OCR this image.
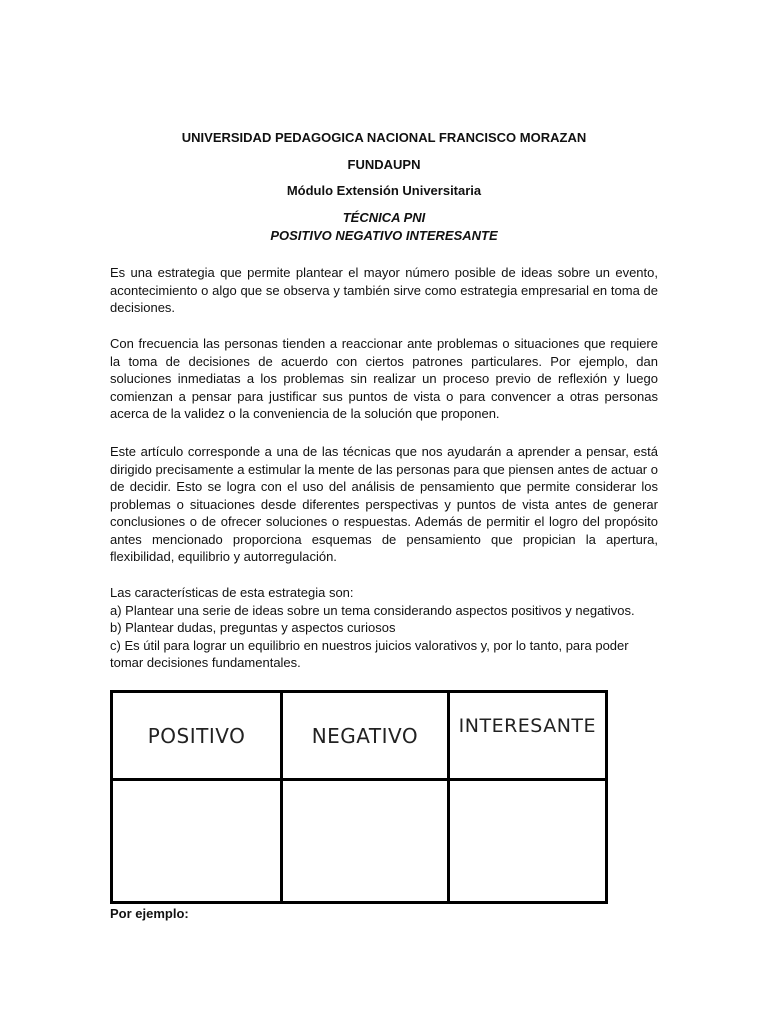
UNIVERSIDAD PEDAGOGICA NACIONAL FRANCISCO MORAZAN
FUNDAUPN
Módulo Extensión Universitaria
TÉCNICA PNI
POSITIVO NEGATIVO INTERESANTE

Es una estrategia que permite plantear el mayor número posible de ideas sobre un evento, acontecimiento o algo que se observa y también sirve como estrategia empresarial en toma de decisiones.

Con frecuencia las personas tienden a reaccionar ante problemas o situaciones que requiere la toma de decisiones de acuerdo con ciertos patrones particulares. Por ejemplo, dan soluciones inmediatas a los problemas sin realizar un proceso previo de reflexión y luego comienzan a pensar para justificar sus puntos de vista o para convencer a otras personas acerca de la validez o la conveniencia de la solución que proponen.

Este artículo corresponde a una de las técnicas que nos ayudarán a aprender a pensar, está dirigido precisamente a estimular la mente de las personas para que piensen antes de actuar o de decidir. Esto se logra con el uso del análisis de pensamiento que permite considerar los problemas o situaciones desde diferentes perspectivas y puntos de vista antes de generar conclusiones o de ofrecer soluciones o respuestas. Además de permitir el logro del propósito antes mencionado proporciona esquemas de pensamiento que propician la apertura, flexibilidad, equilibrio y autorregulación.

Las características de esta estrategia son:
a) Plantear una serie de ideas sobre un tema considerando aspectos positivos y negativos.
b) Plantear dudas, preguntas y aspectos curiosos
c) Es útil para lograr un equilibrio en nuestros juicios valorativos y, por lo tanto, para poder
tomar decisiones fundamentales.
POSITIVO	NEGATIVO	INTERESANTE

Por ejemplo:
